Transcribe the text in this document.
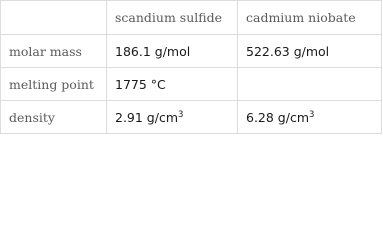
	scandium sulfide	cadmium niobate
molar mass	186.1 g/mol	522.63 g/mol
melting point	1775 °C	
density	2.91 $g/cm^3$	6.28 $g/cm^3$
